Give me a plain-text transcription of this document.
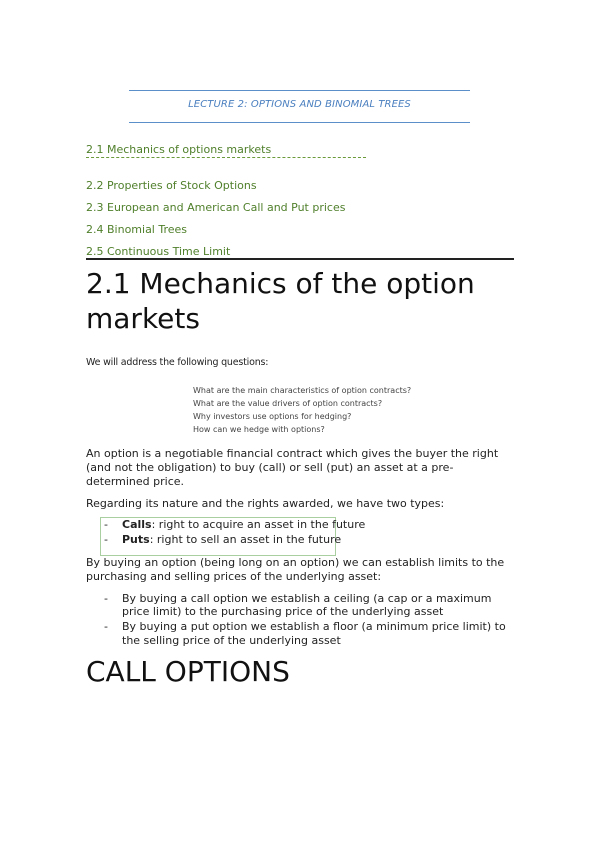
LECTURE 2: OPTIONS AND BINOMIAL TREES
2.1 Mechanics of options markets
2.2 Properties of Stock Options
2.3 European and American Call and Put prices
2.4 Binomial Trees
2.5 Continuous Time Limit
2.1 Mechanics of the option
markets
We will address the following questions:
What are the main characteristics of option contracts?
What are the value drivers of option contracts?
Why investors use options for hedging?
How can we hedge with options?
An option is a negotiable financial contract which gives the buyer the right
(and not the obligation) to buy (call) or sell (put) an asset at a pre-
determined price.
Regarding its nature and the rights awarded, we have two types:
- Calls: right to acquire an asset in the future
- Puts: right to sell an asset in the future
By buying an option (being long on an option) we can establish limits to the
purchasing and selling prices of the underlying asset:
- By buying a call option we establish a ceiling (a cap or a maximum
price limit) to the purchasing price of the underlying asset
- By buying a put option we establish a floor (a minimum price limit) to
the selling price of the underlying asset
CALL OPTIONS
